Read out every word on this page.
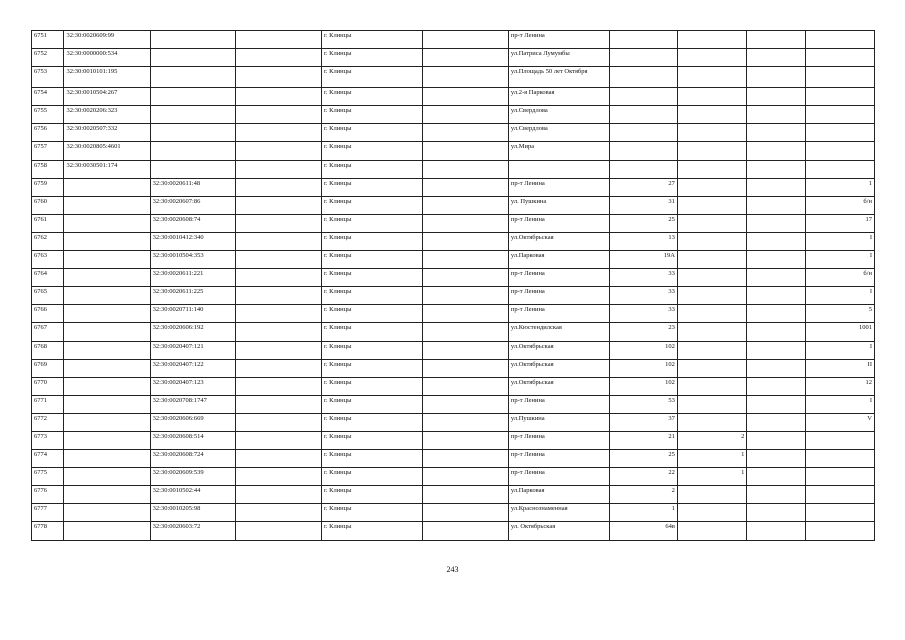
6751	32:30:0020609:99			г. Клинцы		пр-т Ленина				
6752	32:30:0000000:534			г. Клинцы		ул.Патриса Лумумбы				
6753	32:30:0010101:195			г. Клинцы		ул.Площадь 50 лет Октября				
6754	32:30:0010504:267			г. Клинцы		ул.2-я Парковая				
6755	32:30:0020206:323			г. Клинцы		ул.Свердлова				
6756	32:30:0020507:332			г. Клинцы		ул.Свердлова				
6757	32:30:0020805:4601			г. Клинцы		ул.Мира				
6758	32:30:0030501:174			г. Клинцы						
6759		32:30:0020611:48		г. Клинцы		пр-т Ленина	27			1
6760		32:30:0020607:86		г. Клинцы		ул. Пушкина	31			б/н
6761		32:30:0020608:74		г. Клинцы		пр-т Ленина	25			17
6762		32:30:0010412:340		г. Клинцы		ул.Октябрьская	13			I
6763		32:30:0010504:353		г. Клинцы		ул.Парковая	19А			I
6764		32:30:0020611:221		г. Клинцы		пр-т Ленина	33			б/н
6765		32:30:0020611:225		г. Клинцы		пр-т Ленина	33			I
6766		32:30:0020711:140		г. Клинцы		пр-т Ленина	33			5
6767		32:30:0020606:192		г. Клинцы		ул.Кюстендилская	23			1001
6768		32:30:0020407:121		г. Клинцы		ул.Октябрьская	102			I
6769		32:30:0020407:122		г. Клинцы		ул.Октябрьская	102			II
6770		32:30:0020407:123		г. Клинцы		ул.Октябрьская	102			12
6771		32:30:0020708:1747		г. Клинцы		пр-т Ленина	53			I
6772		32:30:0020606:669		г. Клинцы		ул.Пушкина	37			V
6773		32:30:0020608:514		г. Клинцы		пр-т Ленина	21	2		
6774		32:30:0020608:724		г. Клинцы		пр-т Ленина	25	1		
6775		32:30:0020609:539		г. Клинцы		пр-т Ленина	22	1		
6776		32:30:0010502:44		г. Клинцы		ул.Парковая	2			
6777		32:30:0010205:98		г. Клинцы		ул.Краснознаменная	1			
6778		32:30:0020603:72		г. Клинцы		ул. Октябрьская	64в			
243
